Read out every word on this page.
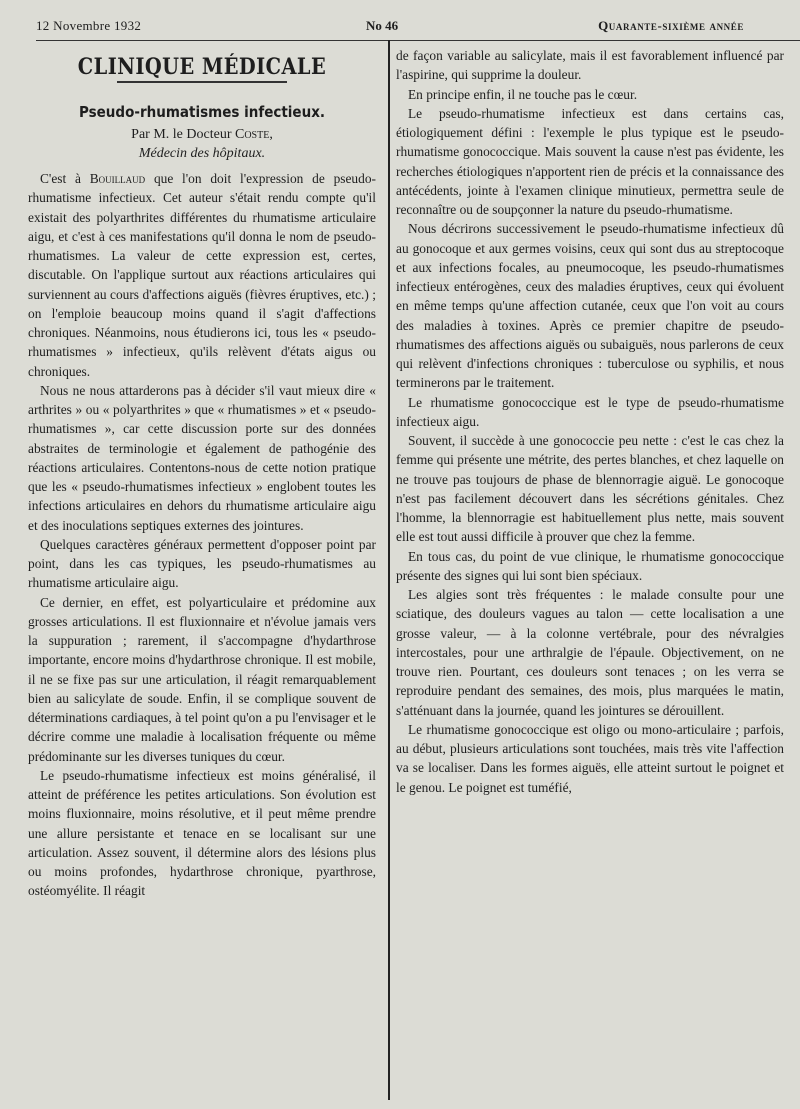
12 Novembre 1932	No 46	Quarante-sixième année
CLINIQUE MÉDICALE
Pseudo-rhumatismes infectieux.
Par M. le Docteur Coste,
Médecin des hôpitaux.

C'est à Bouillaud que l'on doit l'expression de pseudo-rhumatisme infectieux. Cet auteur s'était rendu compte qu'il existait des polyarthrites différentes du rhumatisme articulaire aigu, et c'est à ces manifestations qu'il donna le nom de pseudo-rhumatismes. La valeur de cette expression est, certes, discutable. On l'applique surtout aux réactions articulaires qui surviennent au cours d'affections aiguës (fièvres éruptives, etc.) ; on l'emploie beaucoup moins quand il s'agit d'affections chroniques. Néanmoins, nous étudierons ici, tous les « pseudo- rhumatismes » infectieux, qu'ils relèvent d'états aigus ou chroniques.

Nous ne nous attarderons pas à décider s'il vaut mieux dire « arthrites » ou « polyarthrites » que « rhumatismes » et « pseudo-rhumatismes », car cette discussion porte sur des données abstraites de terminologie et également de pathogénie des réactions articulaires. Contentons-nous de cette notion pratique que les « pseudo-rhumatismes infectieux » englobent toutes les infections articulaires en dehors du rhumatisme articulaire aigu et des inoculations septiques externes des jointures.

Quelques caractères généraux permettent d'opposer point par point, dans les cas typiques, les pseudo-rhumatismes au rhumatisme articulaire aigu.

Ce dernier, en effet, est polyarticulaire et prédomine aux grosses articulations. Il est fluxionnaire et n'évolue jamais vers la suppuration ; rarement, il s'accompagne d'hydarthrose importante, encore moins d'hydarthrose chronique. Il est mobile, il ne se fixe pas sur une articulation, il réagit remarquablement bien au salicylate de soude. Enfin, il se complique souvent de déterminations cardiaques, à tel point qu'on a pu l'envisager et le décrire comme une maladie à localisation fréquente ou même prédominante sur les diverses tuniques du cœur.

Le pseudo-rhumatisme infectieux est moins généralisé, il atteint de préférence les petites articulations. Son évolution est moins fluxionnaire, moins résolutive, et il peut même prendre une allure persistante et tenace en se localisant sur une articulation. Assez souvent, il détermine alors des lésions plus ou moins profondes, hydarthrose chronique, pyarthrose, ostéomyélite. Il réagit

de façon variable au salicylate, mais il est favorablement influencé par l'aspirine, qui supprime la douleur.

En principe enfin, il ne touche pas le cœur.

Le pseudo-rhumatisme infectieux est dans certains cas, étiologiquement défini : l'exemple le plus typique est le pseudo-rhumatisme gonococcique. Mais souvent la cause n'est pas évidente, les recherches étiologiques n'apportent rien de précis et la connaissance des antécédents, jointe à l'examen clinique minutieux, permettra seule de reconnaître ou de soupçonner la nature du pseudo-rhumatisme.

Nous décrirons successivement le pseudo-rhumatisme infectieux dû au gonocoque et aux germes voisins, ceux qui sont dus au streptocoque et aux infections focales, au pneumocoque, les pseudo-rhumatismes infectieux entérogènes, ceux des maladies éruptives, ceux qui évoluent en même temps qu'une affection cutanée, ceux que l'on voit au cours des maladies à toxines. Après ce premier chapitre de pseudo-rhumatismes des affections aiguës ou subaiguës, nous parlerons de ceux qui relèvent d'infections chroniques : tuberculose ou syphilis, et nous terminerons par le traitement.

Le rhumatisme gonococcique est le type de pseudo-rhumatisme infectieux aigu.

Souvent, il succède à une gonococcie peu nette : c'est le cas chez la femme qui présente une métrite, des pertes blanches, et chez laquelle on ne trouve pas toujours de phase de blennorragie aiguë. Le gonocoque n'est pas facilement découvert dans les sécrétions génitales. Chez l'homme, la blennorragie est habituellement plus nette, mais souvent elle est tout aussi difficile à prouver que chez la femme.

En tous cas, du point de vue clinique, le rhumatisme gonococcique présente des signes qui lui sont bien spéciaux.

Les algies sont très fréquentes : le malade consulte pour une sciatique, des douleurs vagues au talon — cette localisation a une grosse valeur, — à la colonne vertébrale, pour des névralgies intercostales, pour une arthralgie de l'épaule. Objectivement, on ne trouve rien. Pourtant, ces douleurs sont tenaces ; on les verra se reproduire pendant des semaines, des mois, plus marquées le matin, s'atténuant dans la journée, quand les jointures se dérouillent.

Le rhumatisme gonococcique est oligo ou mono-articulaire ; parfois, au début, plusieurs articulations sont touchées, mais très vite l'affection va se localiser. Dans les formes aiguës, elle atteint surtout le poignet et le genou. Le poignet est tuméfié,
